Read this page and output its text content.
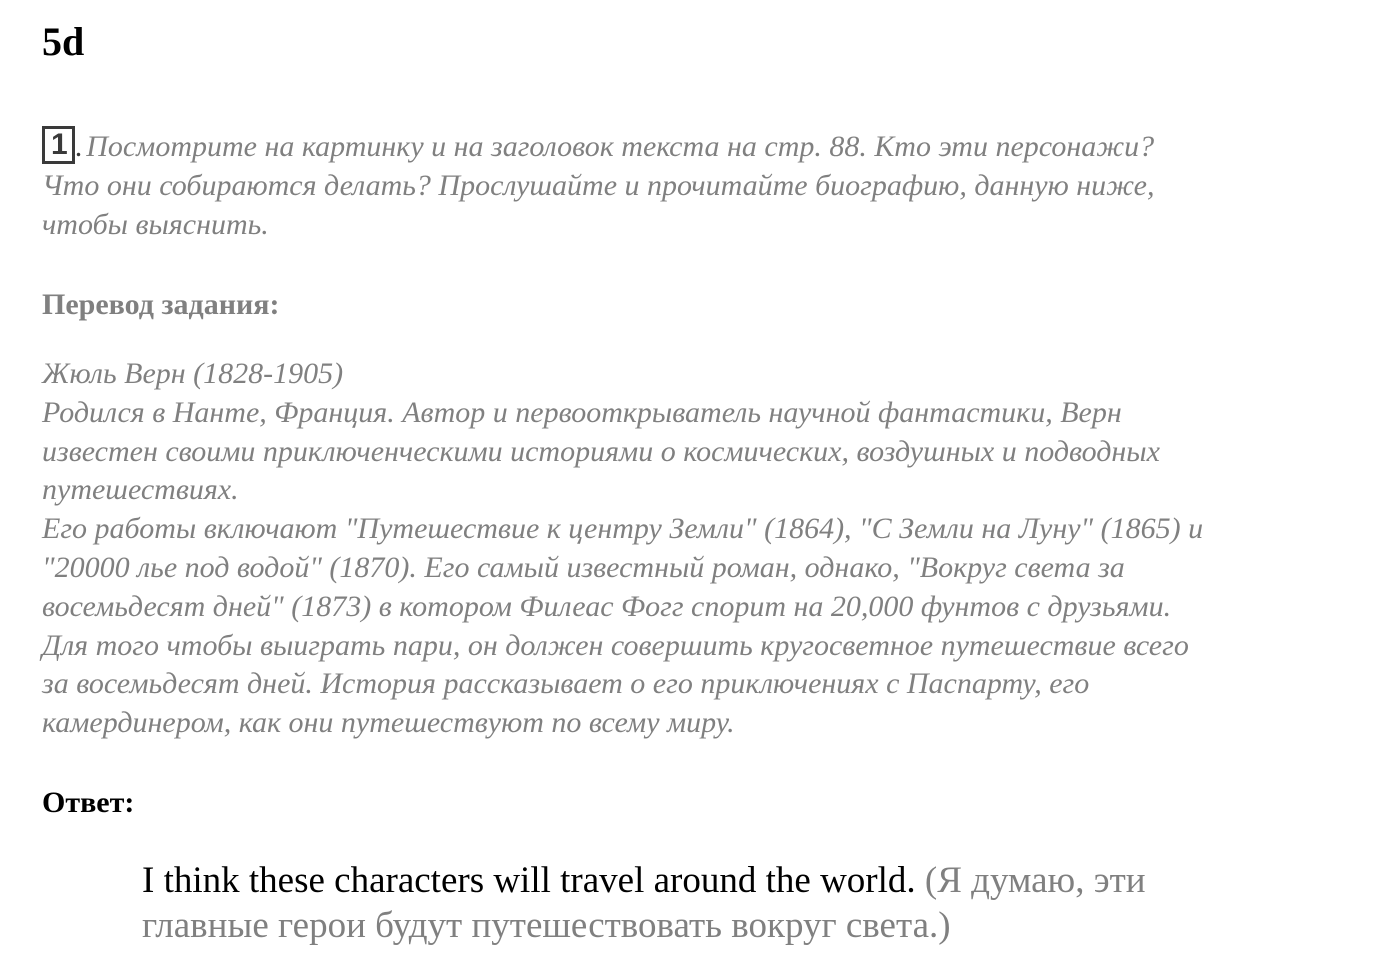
5d
1 . Посмотрите на картинку и на заголовок текста на стр. 88. Кто эти персонажи?
Что они собираются делать? Прослушайте и прочитайте биографию, данную ниже,
чтобы выяснить.
Перевод задания:
Жюль Верн (1828-1905)
Родился в Нанте, Франция. Автор и первооткрыватель научной фантастики, Верн
известен своими приключенческими историями о космических, воздушных и подводных
путешествиях.
Его работы включают "Путешествие к центру Земли" (1864), "С Земли на Луну" (1865) и
"20000 лье под водой" (1870). Его самый известный роман, однако, "Вокруг света за
восемьдесят дней" (1873) в котором Филеас Фогг спорит на 20,000 фунтов с друзьями.
Для того чтобы выиграть пари, он должен совершить кругосветное путешествие всего
за восемьдесят дней. История рассказывает о его приключениях с Паспарту, его
камердинером, как они путешествуют по всему миру.
Ответ:
I think these characters will travel around the world. (Я думаю, эти
главные герои будут путешествовать вокруг света.)
